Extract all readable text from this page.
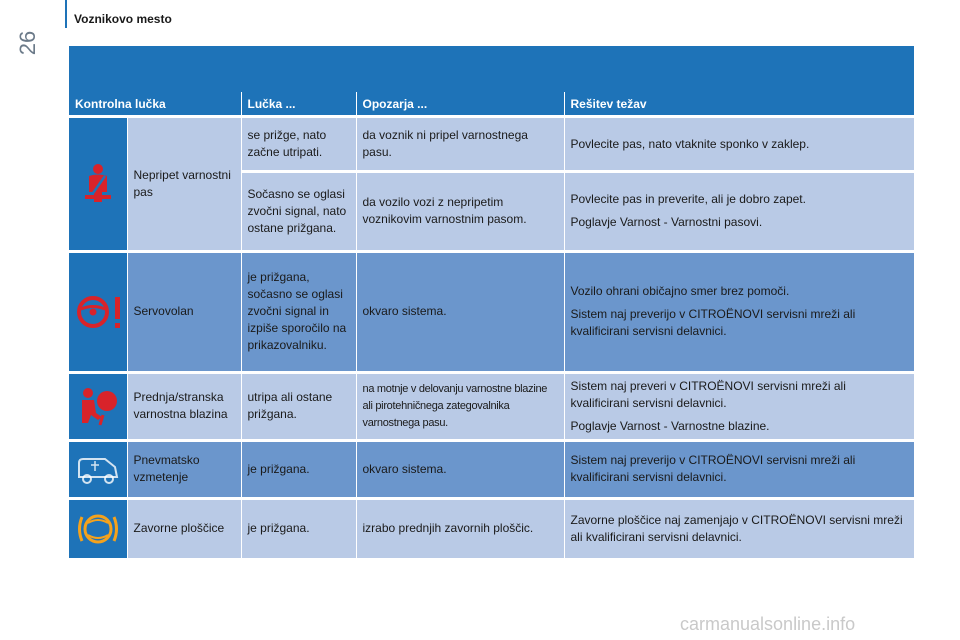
26
Voznikovo mesto
Kontrolna lučka		Lučka ...	Opozarja ...	Rešitev težav

	Nepripet varnostni pas	se prižge, nato začne utripati.	da voznik ni pripel varnostnega pasu.	Povlecite pas, nato vtaknite sponko v zaklep.

		Sočasno se oglasi zvočni signal, nato ostane prižgana.	da vozilo vozi z nepripetim voznikovim varnostnim pasom.	Povlecite pas in preverite, ali je dobro zapet.

Poglavje Varnost - Varnostni pasovi.

	Servovolan	je prižgana, sočasno se oglasi zvočni signal in izpiše sporočilo na prikazovalniku.	okvaro sistema.	Vozilo ohrani običajno smer brez pomoči.

Sistem naj preverijo v CITROËNOVI servisni mreži ali kvalificirani servisni delavnici.

	Prednja/stranska varnostna blazina	utripa ali ostane prižgana.	na motnje v delovanju varnostne blazine ali pirotehničnega zategovalnika varnostnega pasu.	Sistem naj preveri v CITROËNOVI servisni mreži ali kvalificirani servisni delavnici.

Poglavje Varnost - Varnostne blazine.

	Pnevmatsko vzmetenje	je prižgana.	okvaro sistema.	Sistem naj preverijo v CITROËNOVI servisni mreži ali kvalificirani servisni delavnici.

	Zavorne ploščice	je prižgana.	izrabo prednjih zavornih ploščic.	Zavorne ploščice naj zamenjajo v CITROËNOVI servisni mreži ali kvalificirani servisni delavnici.

carmanualsonline.info
